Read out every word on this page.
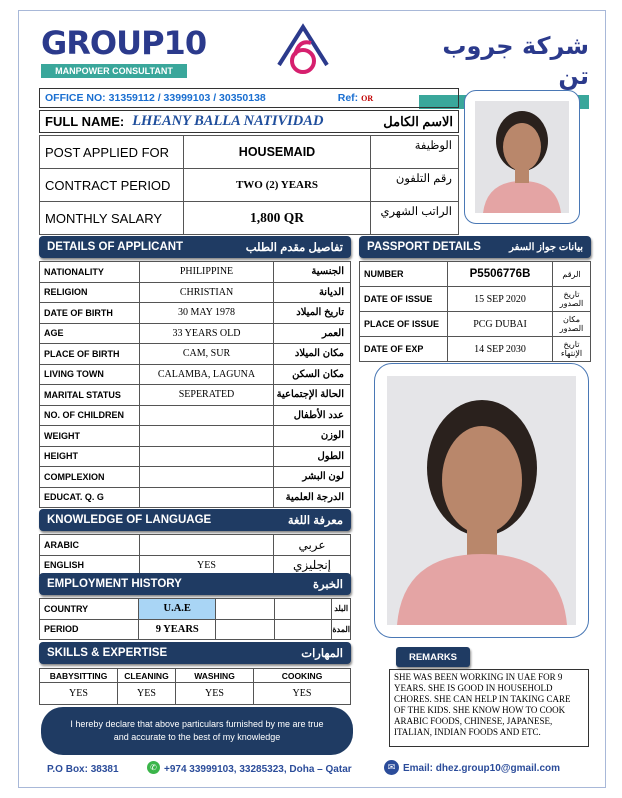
GROUP10
MANPOWER CONSULTANT
شركة جروب تن
OFFICE NO: 31359112 / 33999103 / 30350138	Ref: OR
FULL NAME: LHEANY BALLA NATIVIDAD	الاسم الكامل
POST APPLIED FOR	HOUSEMAID	الوظيفة
CONTRACT PERIOD	TWO (2) YEARS	رقم التلفون
MONTHLY SALARY	1,800 QR	الراتب الشهري
DETAILS OF APPLICANT	تفاصيل مقدم الطلب
NATIONALITY	PHILIPPINE	الجنسية
RELIGION	CHRISTIAN	الديانة
DATE OF BIRTH	30 MAY 1978	تاريخ الميلاد
AGE	33 YEARS OLD	العمر
PLACE OF BIRTH	CAM, SUR	مكان الميلاد
LIVING TOWN	CALAMBA, LAGUNA	مكان السكن
MARITAL STATUS	SEPERATED	الحالة الإجتماعية
NO. OF CHILDREN		عدد الأطفال
WEIGHT		الوزن
HEIGHT		الطول
COMPLEXION		لون البشر
EDUCAT. Q. G		الدرجة العلمية
PASSPORT DETAILS	بيانات جواز السفر
NUMBER	P5506776B	الرقم
DATE OF ISSUE	15 SEP 2020	تاريخ الصدور
PLACE OF ISSUE	PCG DUBAI	مكان الصدور
DATE OF EXP	14 SEP 2030	تاريخ الإنتهاء
KNOWLEDGE OF LANGUAGE	معرفة اللغة
ARABIC		عربي
ENGLISH	YES	إنجليزي
EMPLOYMENT HISTORY	الخبرة
COUNTRY	U.A.E			البلد
PERIOD	9 YEARS			المدة
SKILLS & EXPERTISE	المهارات
BABYSITTING	CLEANING	WASHING	COOKING
YES	YES	YES	YES
REMARKS
SHE WAS BEEN WORKING IN UAE FOR 9 YEARS. SHE IS GOOD IN HOUSEHOLD CHORES. SHE CAN HELP IN TAKING CARE OF THE KIDS. SHE KNOW HOW TO COOK ARABIC FOODS, CHINESE, JAPANESE, ITALIAN, INDIAN FOODS AND ETC.
I hereby declare that above particulars furnished by me are true and accurate to the best of my knowledge
P.O Box: 38381	✆ +974 33999103, 33285323, Doha – Qatar	✉ Email: dhez.group10@gmail.com
